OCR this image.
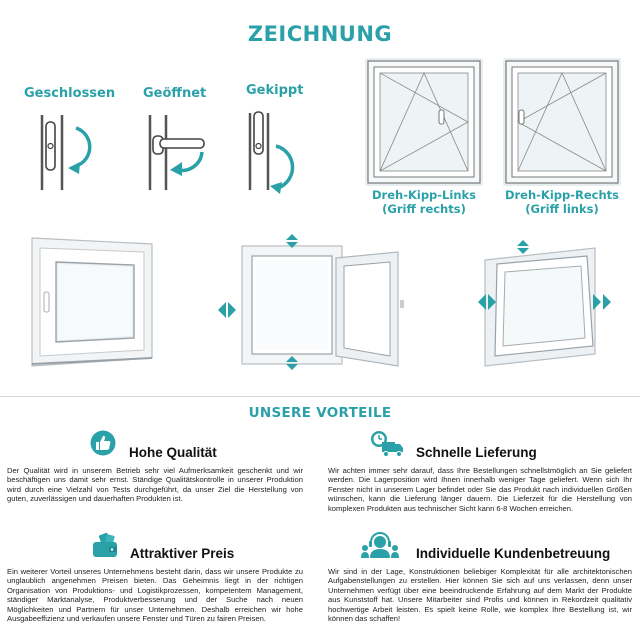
ZEICHNUNG
Geschlossen Geöffnet	Gekippt
Dreh-Kipp-Links
(Griff rechts)
Dreh-Kipp-Rechts
(Griff links)
UNSERE VORTEILE
Hohe Qualität
Der Qualität wird in unserem Betrieb sehr viel Aufmerksamkeit geschenkt und wir beschäftigen uns damit sehr ernst. Ständige Qualitätskontrolle in unserer Produktion wird durch eine Vielzahl von Tests durchgeführt, da unser Ziel die Herstellung von guten, zuverlässigen und dauerhaften Produkten ist.
Schnelle Lieferung
Wir achten immer sehr darauf, dass Ihre Bestellungen schnellstmöglich an Sie geliefert werden. Die Lagerposition wird Ihnen innerhalb weniger Tage geliefert. Wenn sich Ihr Fenster nicht in unserem Lager befindet oder Sie das Produkt nach individuellen Größen wünschen, kann die Lieferung länger dauern. Die Lieferzeit für die Herstellung von komplexen Produkten aus technischer Sicht kann 6-8 Wochen erreichen.
Attraktiver Preis
Ein weiterer Vorteil unseres Unternehmens besteht darin, dass wir unsere Produkte zu unglaublich angenehmen Preisen bieten. Das Geheimnis liegt in der richtigen Organisation von Produktions- und Logistikprozessen, kompetentem Management, ständiger Marktanalyse, Produktverbesserung und der Suche nach neuen Möglichkeiten und Partnern für unser Unternehmen. Deshalb erreichen wir hohe Ausgabeeffizienz und verkaufen unsere Fenster und Türen zu fairen Preisen.
Individuelle Kundenbetreuung
Wir sind in der Lage, Konstruktionen beliebiger Komplexität für alle architektonischen Aufgabenstellungen zu erstellen. Hier können Sie sich auf uns verlassen, denn unser Unternehmen verfügt über eine beeindruckende Erfahrung auf dem Markt der Produkte aus Kunststoff hat. Unsere Mitarbeiter sind Profis und können in Rekordzeit qualitativ hochwertige Arbeit leisten. Es spielt keine Rolle, wie komplex Ihre Bestellung ist, wir können das schaffen!
